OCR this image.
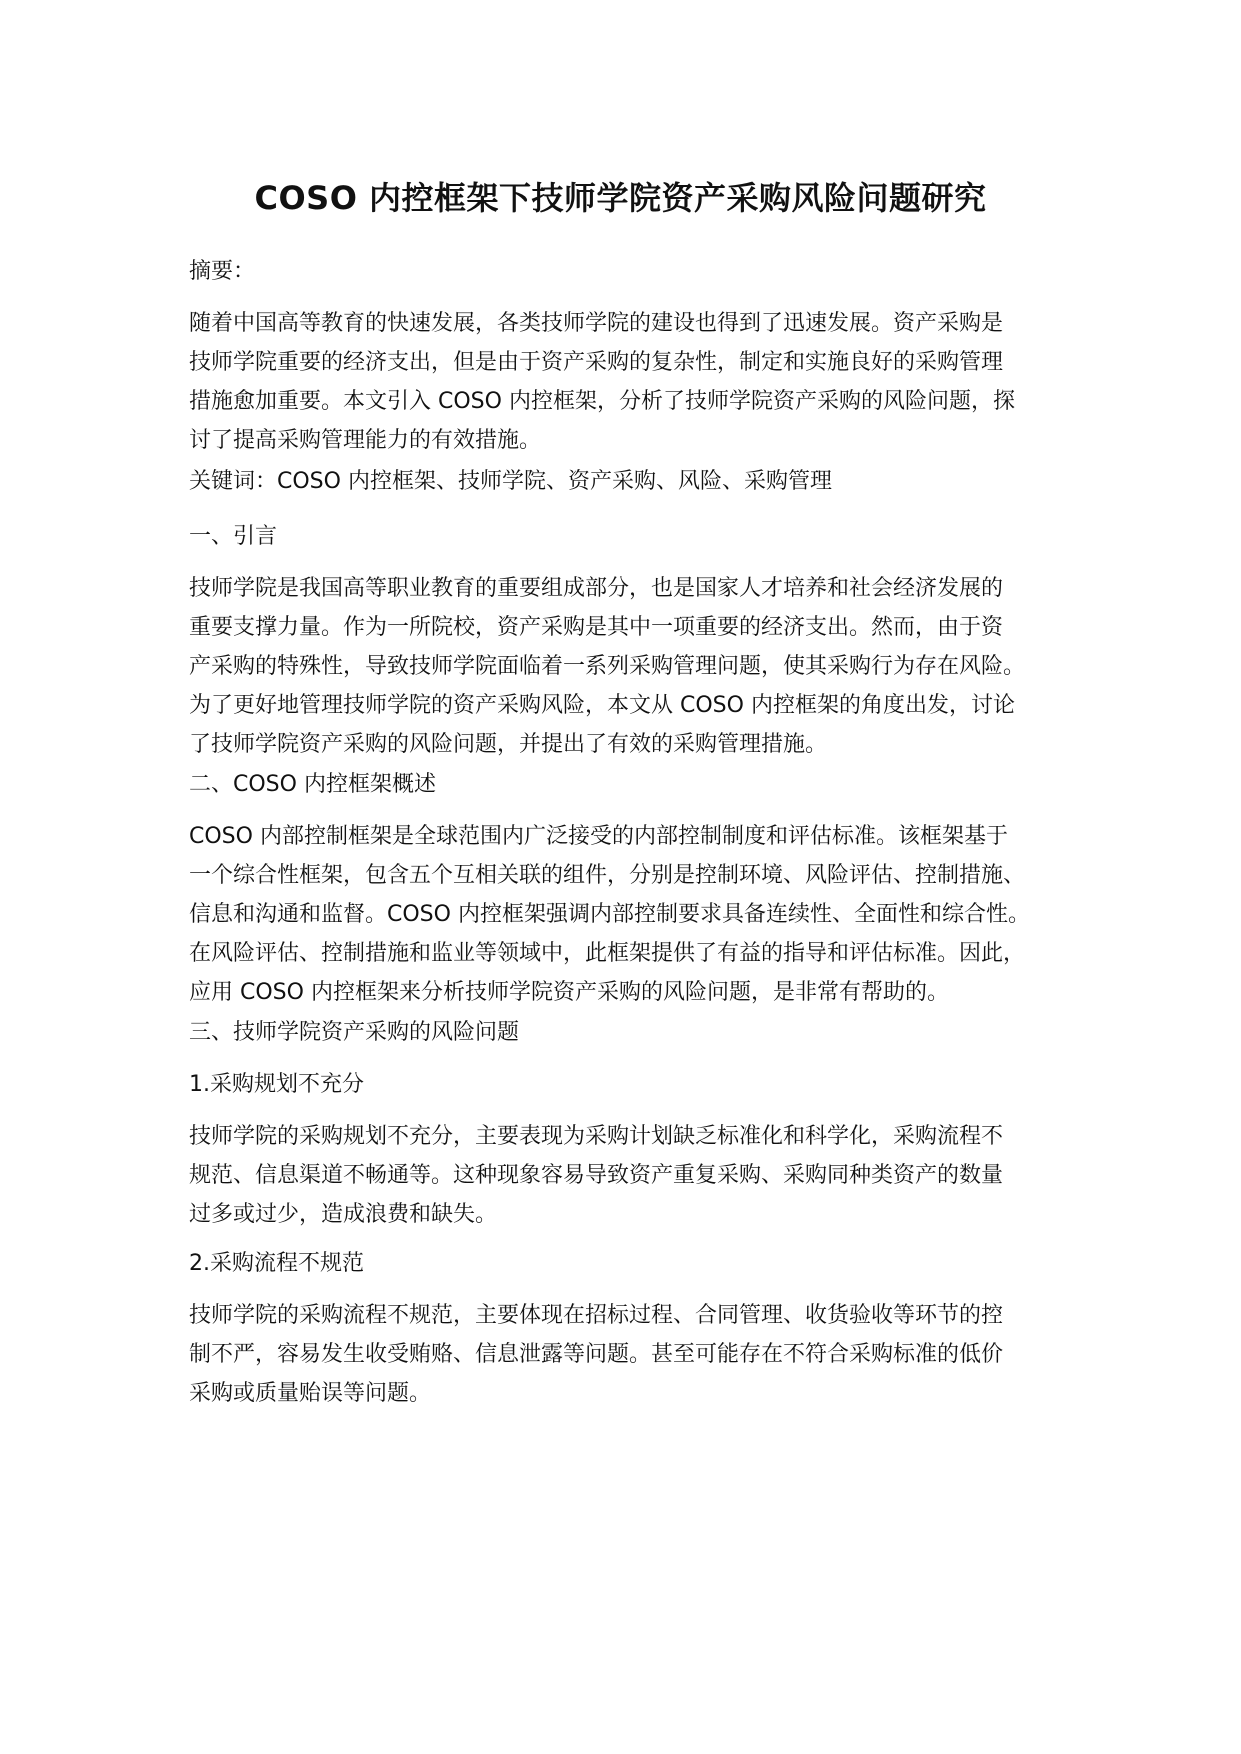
COSO 内控框架下技师学院资产采购风险问题研究

摘要：

随着中国高等教育的快速发展，各类技师学院的建设也得到了迅速发展。资产采购是
技师学院重要的经济支出，但是由于资产采购的复杂性，制定和实施良好的采购管理
措施愈加重要。本文引入 COSO 内控框架，分析了技师学院资产采购的风险问题，探
讨了提高采购管理能力的有效措施。

关键词：COSO 内控框架、技师学院、资产采购、风险、采购管理

一、引言

技师学院是我国高等职业教育的重要组成部分，也是国家人才培养和社会经济发展的
重要支撑力量。作为一所院校，资产采购是其中一项重要的经济支出。然而，由于资
产采购的特殊性，导致技师学院面临着一系列采购管理问题，使其采购行为存在风险。
为了更好地管理技师学院的资产采购风险，本文从 COSO 内控框架的角度出发，讨论
了技师学院资产采购的风险问题，并提出了有效的采购管理措施。

二、COSO 内控框架概述

COSO 内部控制框架是全球范围内广泛接受的内部控制制度和评估标准。该框架基于
一个综合性框架，包含五个互相关联的组件，分别是控制环境、风险评估、控制措施、
信息和沟通和监督。COSO 内控框架强调内部控制要求具备连续性、全面性和综合性。
在风险评估、控制措施和监业等领域中，此框架提供了有益的指导和评估标准。因此，
应用 COSO 内控框架来分析技师学院资产采购的风险问题，是非常有帮助的。

三、技师学院资产采购的风险问题

1.采购规划不充分

技师学院的采购规划不充分，主要表现为采购计划缺乏标准化和科学化，采购流程不
规范、信息渠道不畅通等。这种现象容易导致资产重复采购、采购同种类资产的数量
过多或过少，造成浪费和缺失。

2.采购流程不规范

技师学院的采购流程不规范，主要体现在招标过程、合同管理、收货验收等环节的控
制不严，容易发生收受贿赂、信息泄露等问题。甚至可能存在不符合采购标准的低价
采购或质量贻误等问题。
